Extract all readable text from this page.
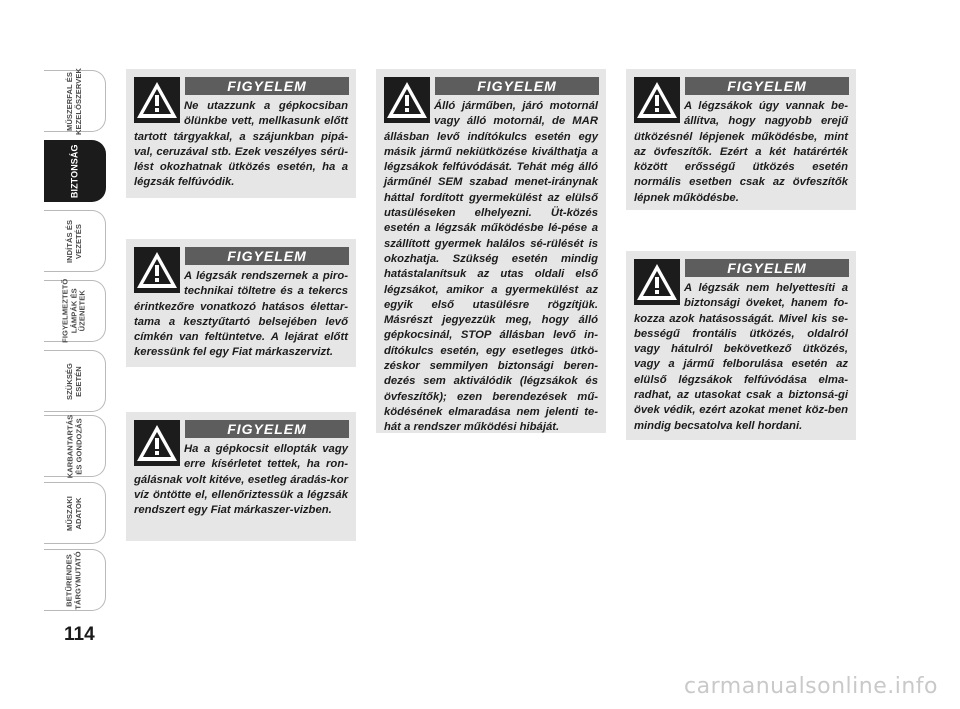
MŰSZERFAL ÉS
KEZELŐSZERVEK
BIZTONSÁG
INDÍTÁS ÉS
VEZETÉS
FIGYELMEZTETŐ
LÁMPÁK ÉS
ÜZENETEK
SZÜKSÉG
ESETÉN
KARBANTARTÁS
ÉS GONDOZÁS
MŰSZAKI
ADATOK
BETŰRENDES
TÁRGYMUTATÓ
114
FIGYELEM

Ne utazzunk a gépkocsiban ölünkbe vett, mellkasunk előtt tartott tárgyakkal, a szájunkban pipá-val, ceruzával stb. Ezek veszélyes sérü-lést okozhatnak ütközés esetén, ha a légzsák felfúvódik.

FIGYELEM

A légzsák rendszernek a piro-technikai töltetre és a tekercs érintkezőre vonatkozó hatásos élettar-tama a kesztyűtartó belsejében levő címkén van feltüntetve. A lejárat előtt keressünk fel egy Fiat márkaszervizt.

FIGYELEM

Ha a gépkocsit ellopták vagy erre kísérletet tettek, ha ron-gálásnak volt kitéve, esetleg áradás-kor víz öntötte el, ellenőriztessük a légzsák rendszert egy Fiat márkaszer-vizben.

FIGYELEM

Álló járműben, járó motornál vagy álló motornál, de MAR állásban levő indítókulcs esetén egy másik jármű nekiütközése kiválthatja a légzsákok felfúvódását. Tehát még álló járműnél SEM szabad menet-iránynak háttal fordított gyermekülést az elülső utasüléseken elhelyezni. Üt-közés esetén a légzsák működésbe lé-pése a szállított gyermek halálos sé-rülését is okozhatja. Szükség esetén mindig hatástalanítsuk az utas oldali első légzsákot, amikor a gyermekülést az egyik első utasülésre rögzítjük. Másrészt jegyezzük meg, hogy álló gépkocsinál, STOP állásban levő in-dítókulcs esetén, egy esetleges ütkö-zéskor semmilyen biztonsági beren-dezés sem aktiválódik (légzsákok és övfeszítők); ezen berendezések mű-ködésének elmaradása nem jelenti te-hát a rendszer működési hibáját.

FIGYELEM

A légzsákok úgy vannak be-állítva, hogy nagyobb erejű ütközésnél lépjenek működésbe, mint az övfeszítők. Ezért a két határérték között erősségű ütközés esetén normális esetben csak az övfeszítők lépnek működésbe.

FIGYELEM

A légzsák nem helyettesíti a biztonsági öveket, hanem fo-kozza azok hatásosságát. Mivel kis se-bességű frontális ütközés, oldalról vagy hátulról bekövetkező ütközés, vagy a jármű felborulása esetén az elülső légzsákok felfúvódása elma-radhat, az utasokat csak a biztonsá-gi övek védik, ezért azokat menet köz-ben mindig becsatolva kell hordani.

carmanualsonline.info
